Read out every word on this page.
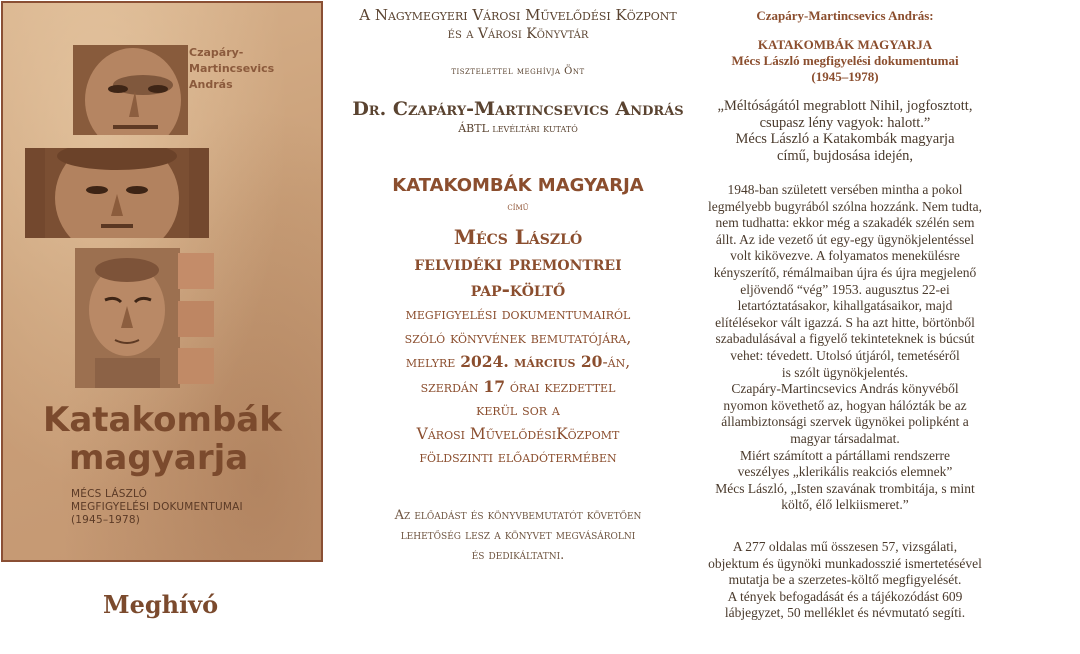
Czapáry-Martincsevics András
Katakombák
magyarja
MÉCS LÁSZLÓ
MEGFIGYELÉSI DOKUMENTUMAI
(1945–1978)
Meghívó
A Nagymegyeri Városi Művelődési Központ
és a Városi Könyvtár
tisztelettel meghívja Önt
Dr. Czapáry-Martincsevics András
ÁBTL levéltári kutató
KATAKOMBÁK MAGYARJA
című
Mécs László
felvidéki premontrei
pap-költő
megfigyelési dokumentumairól
szóló könyvének bemutatójára,
melyre 2024. március 20-án,
szerdán 17 órai kezdettel
kerül sor a
Városi MűvelődésiKözpomt
földszinti előadótermében
Az előadást és könyvbemutatót követően
lehetőség lesz a könyvet megvásárolni
és dedikáltatni.
Czapáry-Martincsevics András:
KATAKOMBÁK MAGYARJA
Mécs László megfigyelési dokumentumai
(1945–1978)
„Méltóságától megrablott Nihil, jogfosztott,
csupasz lény vagyok: halott.”
Mécs László a Katakombák magyarja
című, bujdosása idején,
1948-ban született versében mintha a pokol
legmélyebb bugyrából szólna hozzánk. Nem tudta,
nem tudhatta: ekkor még a szakadék szélén sem
állt. Az ide vezető út egy-egy ügynökjelentéssel
volt kikövezve. A folyamatos menekülésre
kényszerítő, rémálmaiban újra és újra megjelenő
eljövendő “vég” 1953. augusztus 22-ei
letartóztatásakor, kihallgatásaikor, majd
elítélésekor vált igazzá. S ha azt hitte, börtönből
szabadulásával a figyelő tekinteteknek is búcsút
vehet: tévedett. Utolsó útjáról, temetéséről
is szólt ügynökjelentés.
Czapáry-Martincsevics András könyvéből
nyomon követhető az, hogyan hálózták be az
állambiztonsági szervek ügynökei polipként a
magyar társadalmat.
Miért számított a pártállami rendszerre
veszélyes „klerikális reakciós elemnek”
Mécs László, „Isten szavának trombitája, s mint
költő, élő lelkiismeret.”
A 277 oldalas mű összesen 57, vizsgálati,
objektum és ügynöki munkadosszié ismertetésével
mutatja be a szerzetes-költő megfigyelését.
A tények befogadását és a tájékozódást 609
lábjegyzet, 50 melléklet és névmutató segíti.
